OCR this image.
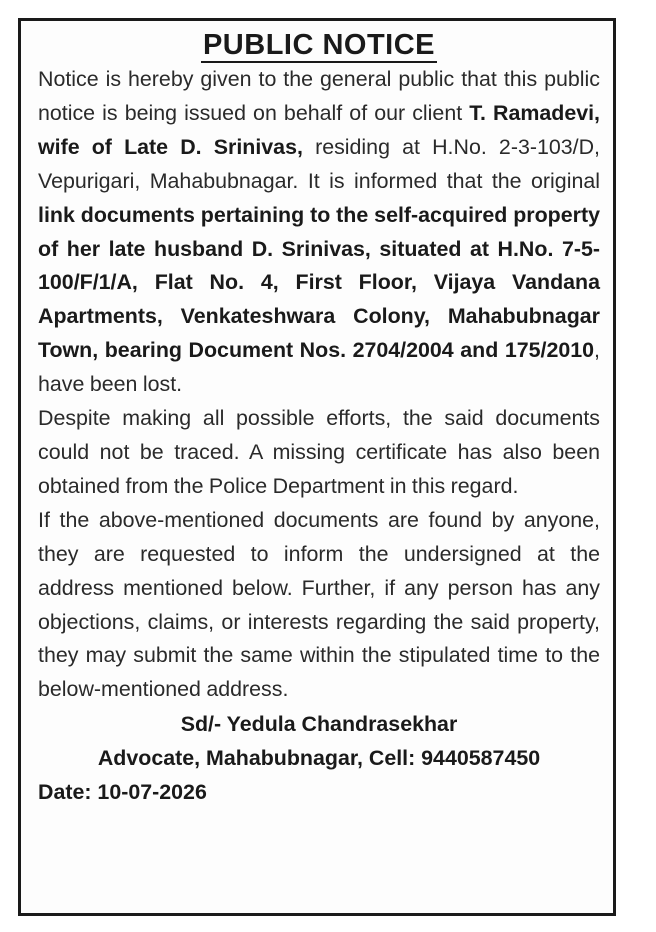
PUBLIC NOTICE

Notice is hereby given to the general public that this public notice is being issued on behalf of our client T. Ramadevi, wife of Late D. Srinivas, residing at H.No. 2-3-103/D, Vepurigari, Mahabubnagar. It is informed that the original link documents pertaining to the self-acquired property of her late husband D. Srinivas, situated at H.No. 7-5-100/F/1/A, Flat No. 4, First Floor, Vijaya Vandana Apartments, Venkateshwara Colony, Mahabubnagar Town, bearing Document Nos. 2704/2004 and 175/2010, have been lost.

Despite making all possible efforts, the said documents could not be traced. A missing certificate has also been obtained from the Police Department in this regard.

If the above-mentioned documents are found by anyone, they are requested to inform the undersigned at the address mentioned below. Further, if any person has any objections, claims, or interests regarding the said property, they may submit the same within the stipulated time to the below-mentioned address.

Sd/- Yedula Chandrasekhar

Advocate, Mahabubnagar, Cell: 9440587450

Date: 10-07-2026
